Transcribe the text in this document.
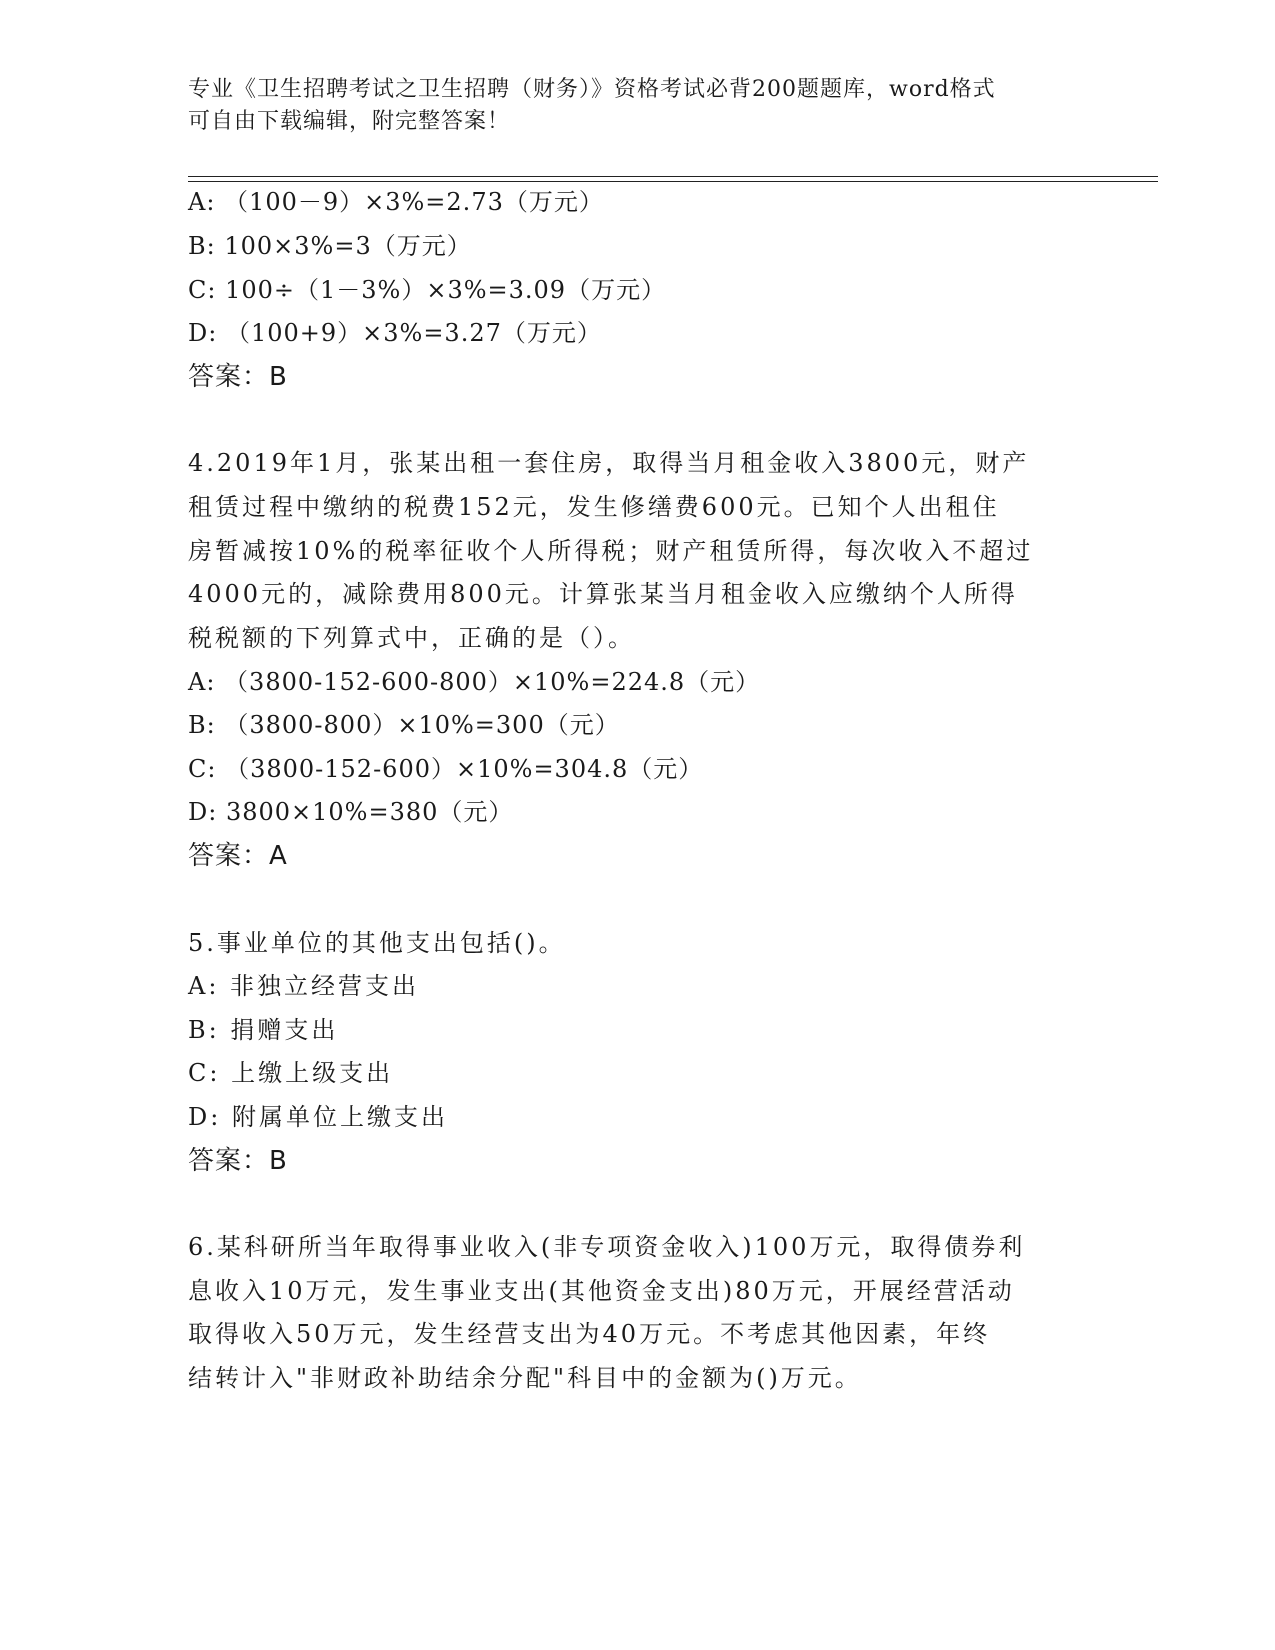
专业《卫生招聘考试之卫生招聘（财务）》资格考试必背200题题库，word格式
可自由下载编辑，附完整答案！
A: （100－9）×3%=2.73（万元）
B: 100×3%=3（万元）
C: 100÷（1－3%）×3%=3.09（万元）
D: （100+9）×3%=3.27（万元）
答案：B
4.2019年1月，张某出租一套住房，取得当月租金收入3800元，财产
租赁过程中缴纳的税费152元，发生修缮费600元。已知个人出租住
房暂减按10%的税率征收个人所得税；财产租赁所得，每次收入不超过
4000元的，减除费用800元。计算张某当月租金收入应缴纳个人所得
税税额的下列算式中，正确的是（）。
A: （3800-152-600-800）×10%=224.8（元）
B: （3800-800）×10%=300（元）
C: （3800-152-600）×10%=304.8（元）
D: 3800×10%=380（元）
答案：A
5.事业单位的其他支出包括()。
A: 非独立经营支出
B: 捐赠支出
C: 上缴上级支出
D: 附属单位上缴支出
答案：B
6.某科研所当年取得事业收入(非专项资金收入)100万元，取得债券利
息收入10万元，发生事业支出(其他资金支出)80万元，开展经营活动
取得收入50万元，发生经营支出为40万元。不考虑其他因素，年终
结转计入"非财政补助结余分配"科目中的金额为()万元。
